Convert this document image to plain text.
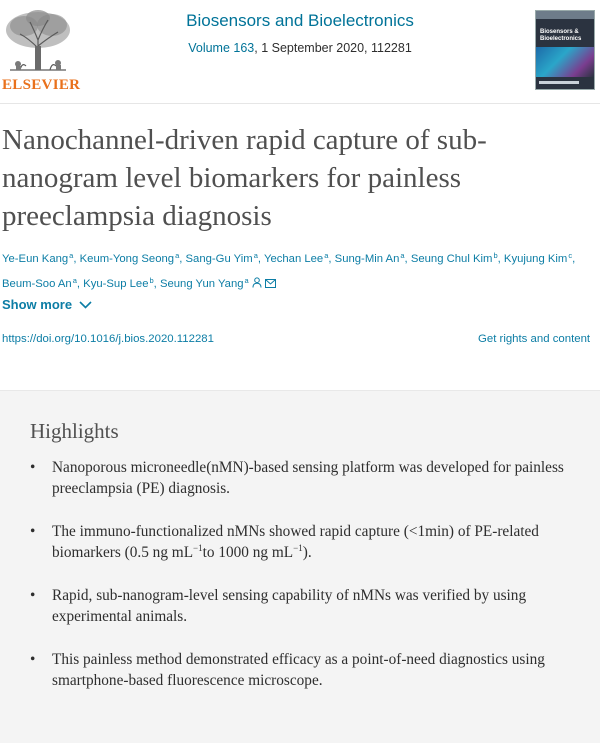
ELSEVIER
Biosensors and Bioelectronics
Volume 163, 1 September 2020, 112281
Biosensors & Bioelectronics
Nanochannel-driven rapid capture of sub-nanogram level biomarkers for painless preeclampsia diagnosis
Ye-Eun Kang$^a$, Keum-Yong Seong$^a$, Sang-Gu Yim$^a$, Yechan Lee$^a$, Sung-Min An$^a$, Seung Chul Kim$^b$, Kyujung Kim$^c$, Beum-Soo An$^a$, Kyu-Sup Lee$^b$, Seung Yun Yang$^a$
Show more
https://doi.org/10.1016/j.bios.2020.112281	Get rights and content
Highlights
• Nanoporous microneedle(nMN)-based sensing platform was developed for painless preeclampsia (PE) diagnosis.
• The immuno-functionalized nMNs showed rapid capture (<1min) of PE-related biomarkers (0.5 ng $mL^{-1}to$ 1000 ng $mL^{-1}$).
• Rapid, sub-nanogram-level sensing capability of nMNs was verified by using experimental animals.
• This painless method demonstrated efficacy as a point-of-need diagnostics using smartphone-based fluorescence microscope.
